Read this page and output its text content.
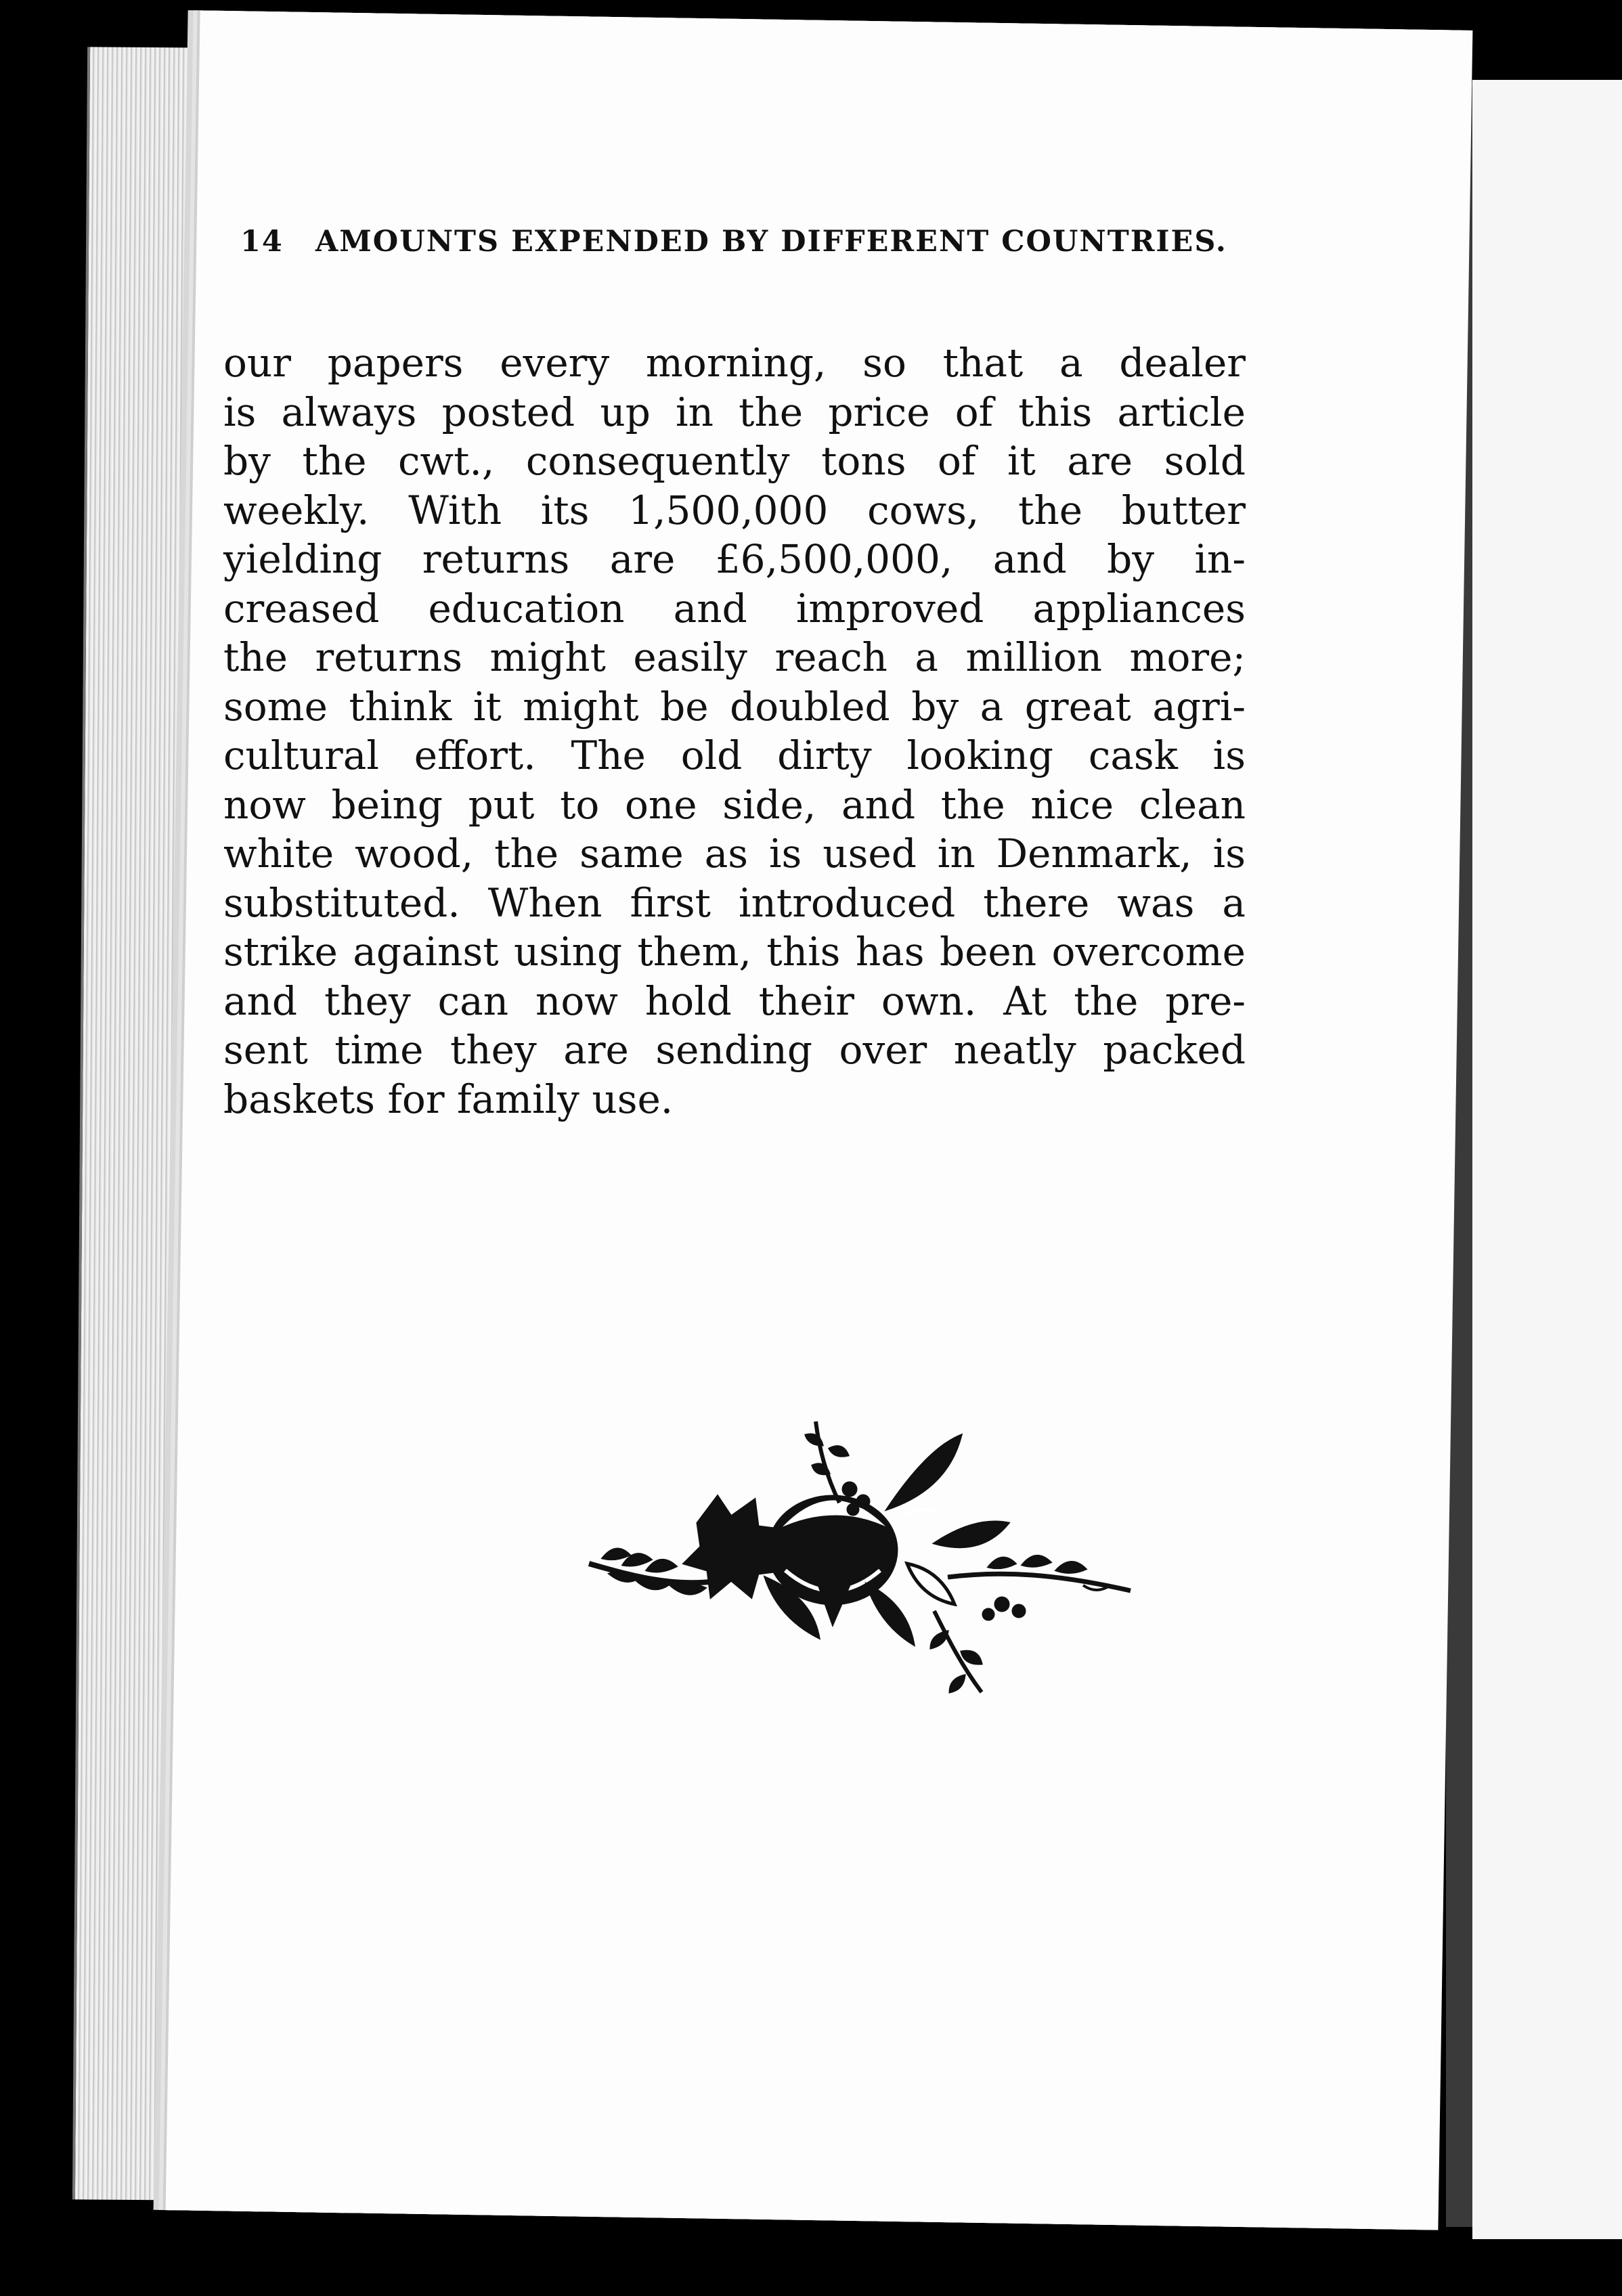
14 AMOUNTS EXPENDED BY DIFFERENT COUNTRIES.
our papers every morning, so that a dealer
is always posted up in the price of this article
by the cwt., consequently tons of it are sold
weekly. With its 1,500,000 cows, the butter
yielding returns are £6,500,000, and by in-
creased education and improved appliances
the returns might easily reach a million more;
some think it might be doubled by a great agri-
cultural effort. The old dirty looking cask is
now being put to one side, and the nice clean
white wood, the same as is used in Denmark, is
substituted. When first introduced there was a
strike against using them, this has been overcome
and they can now hold their own. At the pre-
sent time they are sending over neatly packed
baskets for family use.
